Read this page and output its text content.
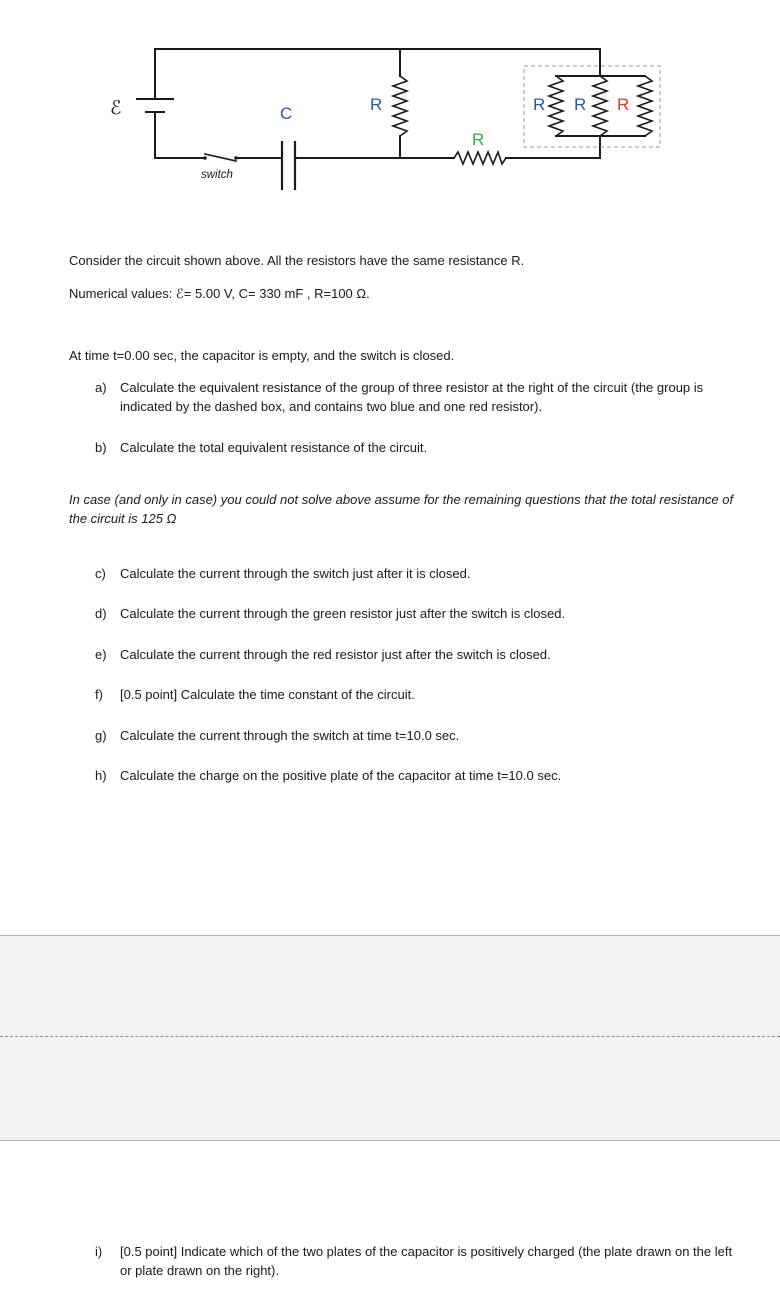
ℰ	C
switch
R
R
R R R
Consider the circuit shown above. All the resistors have the same resistance R.
Numerical values: ℰ= 5.00 V, C= 330 mF , R=100 Ω.
At time t=0.00 sec, the capacitor is empty, and the switch is closed.
a) Calculate the equivalent resistance of the group of three resistor at the right of the circuit (the group is indicated by the dashed box, and contains two blue and one red resistor).
b) Calculate the total equivalent resistance of the circuit.
In case (and only in case) you could not solve above assume for the remaining questions that the total resistance of the circuit is 125 Ω
c) Calculate the current through the switch just after it is closed.
d) Calculate the current through the green resistor just after the switch is closed.
e) Calculate the current through the red resistor just after the switch is closed.
f) [0.5 point] Calculate the time constant of the circuit.
g) Calculate the current through the switch at time t=10.0 sec.
h) Calculate the charge on the positive plate of the capacitor at time t=10.0 sec.
i) [0.5 point] Indicate which of the two plates of the capacitor is positively charged (the plate drawn on the left or plate drawn on the right).
